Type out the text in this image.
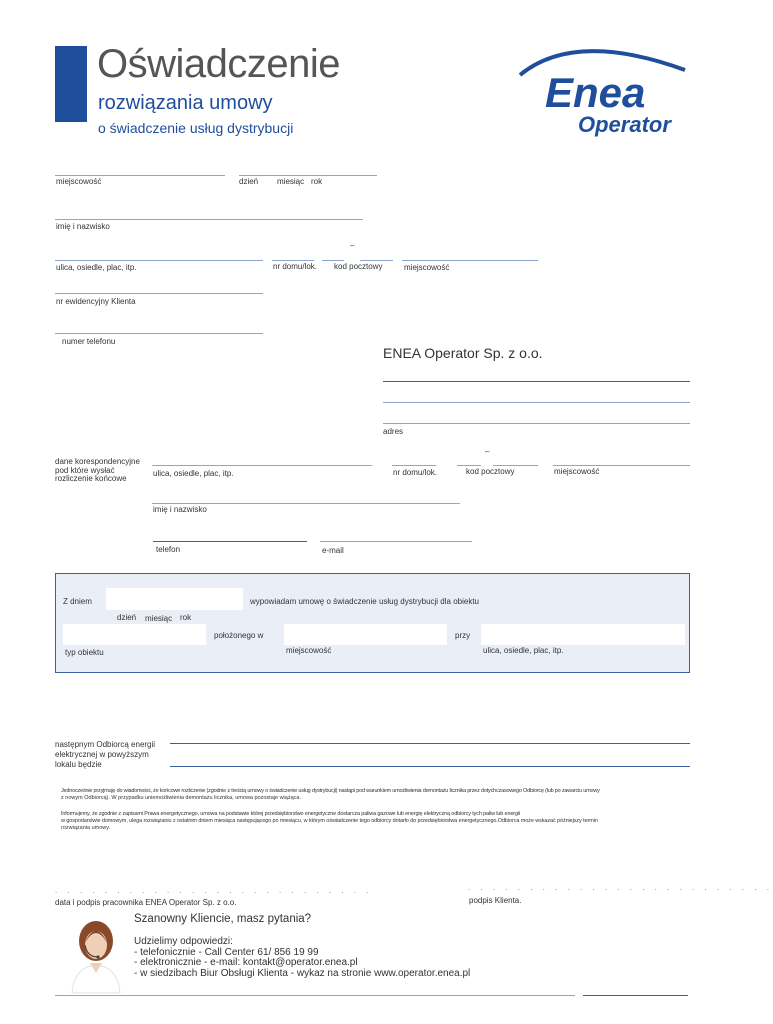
Oświadczenie
rozwiązania umowy
o świadczenie usług dystrybucji
Enea
Operator
miejscowość	dzień miesiąc rok
imię i nazwisko
–
ulica, osiedle, plac, itp.	nr domu/lok. kod pocztowy	miejscowość
nr ewidencyjny Klienta
numer telefonu
ENEA Operator Sp. z o.o.
adres
dane korespondencyjne
pod które wysłać
rozliczenie końcowe
–
ulica, osiedle, plac, itp.	nr domu/lok.	kod pocztowy	miejscowość
imię i nazwisko
telefon	e-mail
Z dniem	wypowiadam umowę o świadczenie usług dystrybucji dla obiektu
dzień miesiąc rok
położonego w	przy
typ obiektu	miejscowość	ulica, osiedle, plac, itp.
następnym Odbiorcą energii
elektrycznej w powyższym
lokalu będzie
Jednocześnie przyjmuję do wiadomości, że końcowe rozliczenie (zgodnie z treścią umowy o świadczenie usług dystrybucji) nastąpi pod warunkiem umożliwienia demontażu licznika przez dotychczasowego Odbiorcę (lub po zawarciu umowy
z nowym Odbiorcą). W przypadku uniemożliwienia demontażu licznika, umowa pozostaje wiążąca.
Informujemy, że zgodnie z zapisami Prawa energetycznego, umowa na podstawie której przedsiębiorstwo energetyczne dostarcza paliwa gazowe lub energię elektryczną odbiorcy tych paliw lub energii
w gospodarstwie domowym, ulega rozwiązaniu z ostatnim dniem miesiąca następującego po miesiącu, w którym oświadczenie tego odbiorcy dotarło do przedsiębiorstwa energetycznego.Odbiorca może wskazać późniejszy termin
rozwiązania umowy.
. . . . . . . . . . . . . . . . . . . . . . . . . .	. . . . . . . . . . . . . . . . . . . . . . . . .
data i podpis pracownika ENEA Operator Sp. z o.o.	podpis Klienta.
Szanowny Kliencie, masz pytania?
Udzielimy odpowiedzi:
- telefonicznie - Call Center 61/ 856 19 99
- elektronicznie - e-mail: kontakt@operator.enea.pl
- w siedzibach Biur Obsługi Klienta - wykaz na stronie www.operator.enea.pl
